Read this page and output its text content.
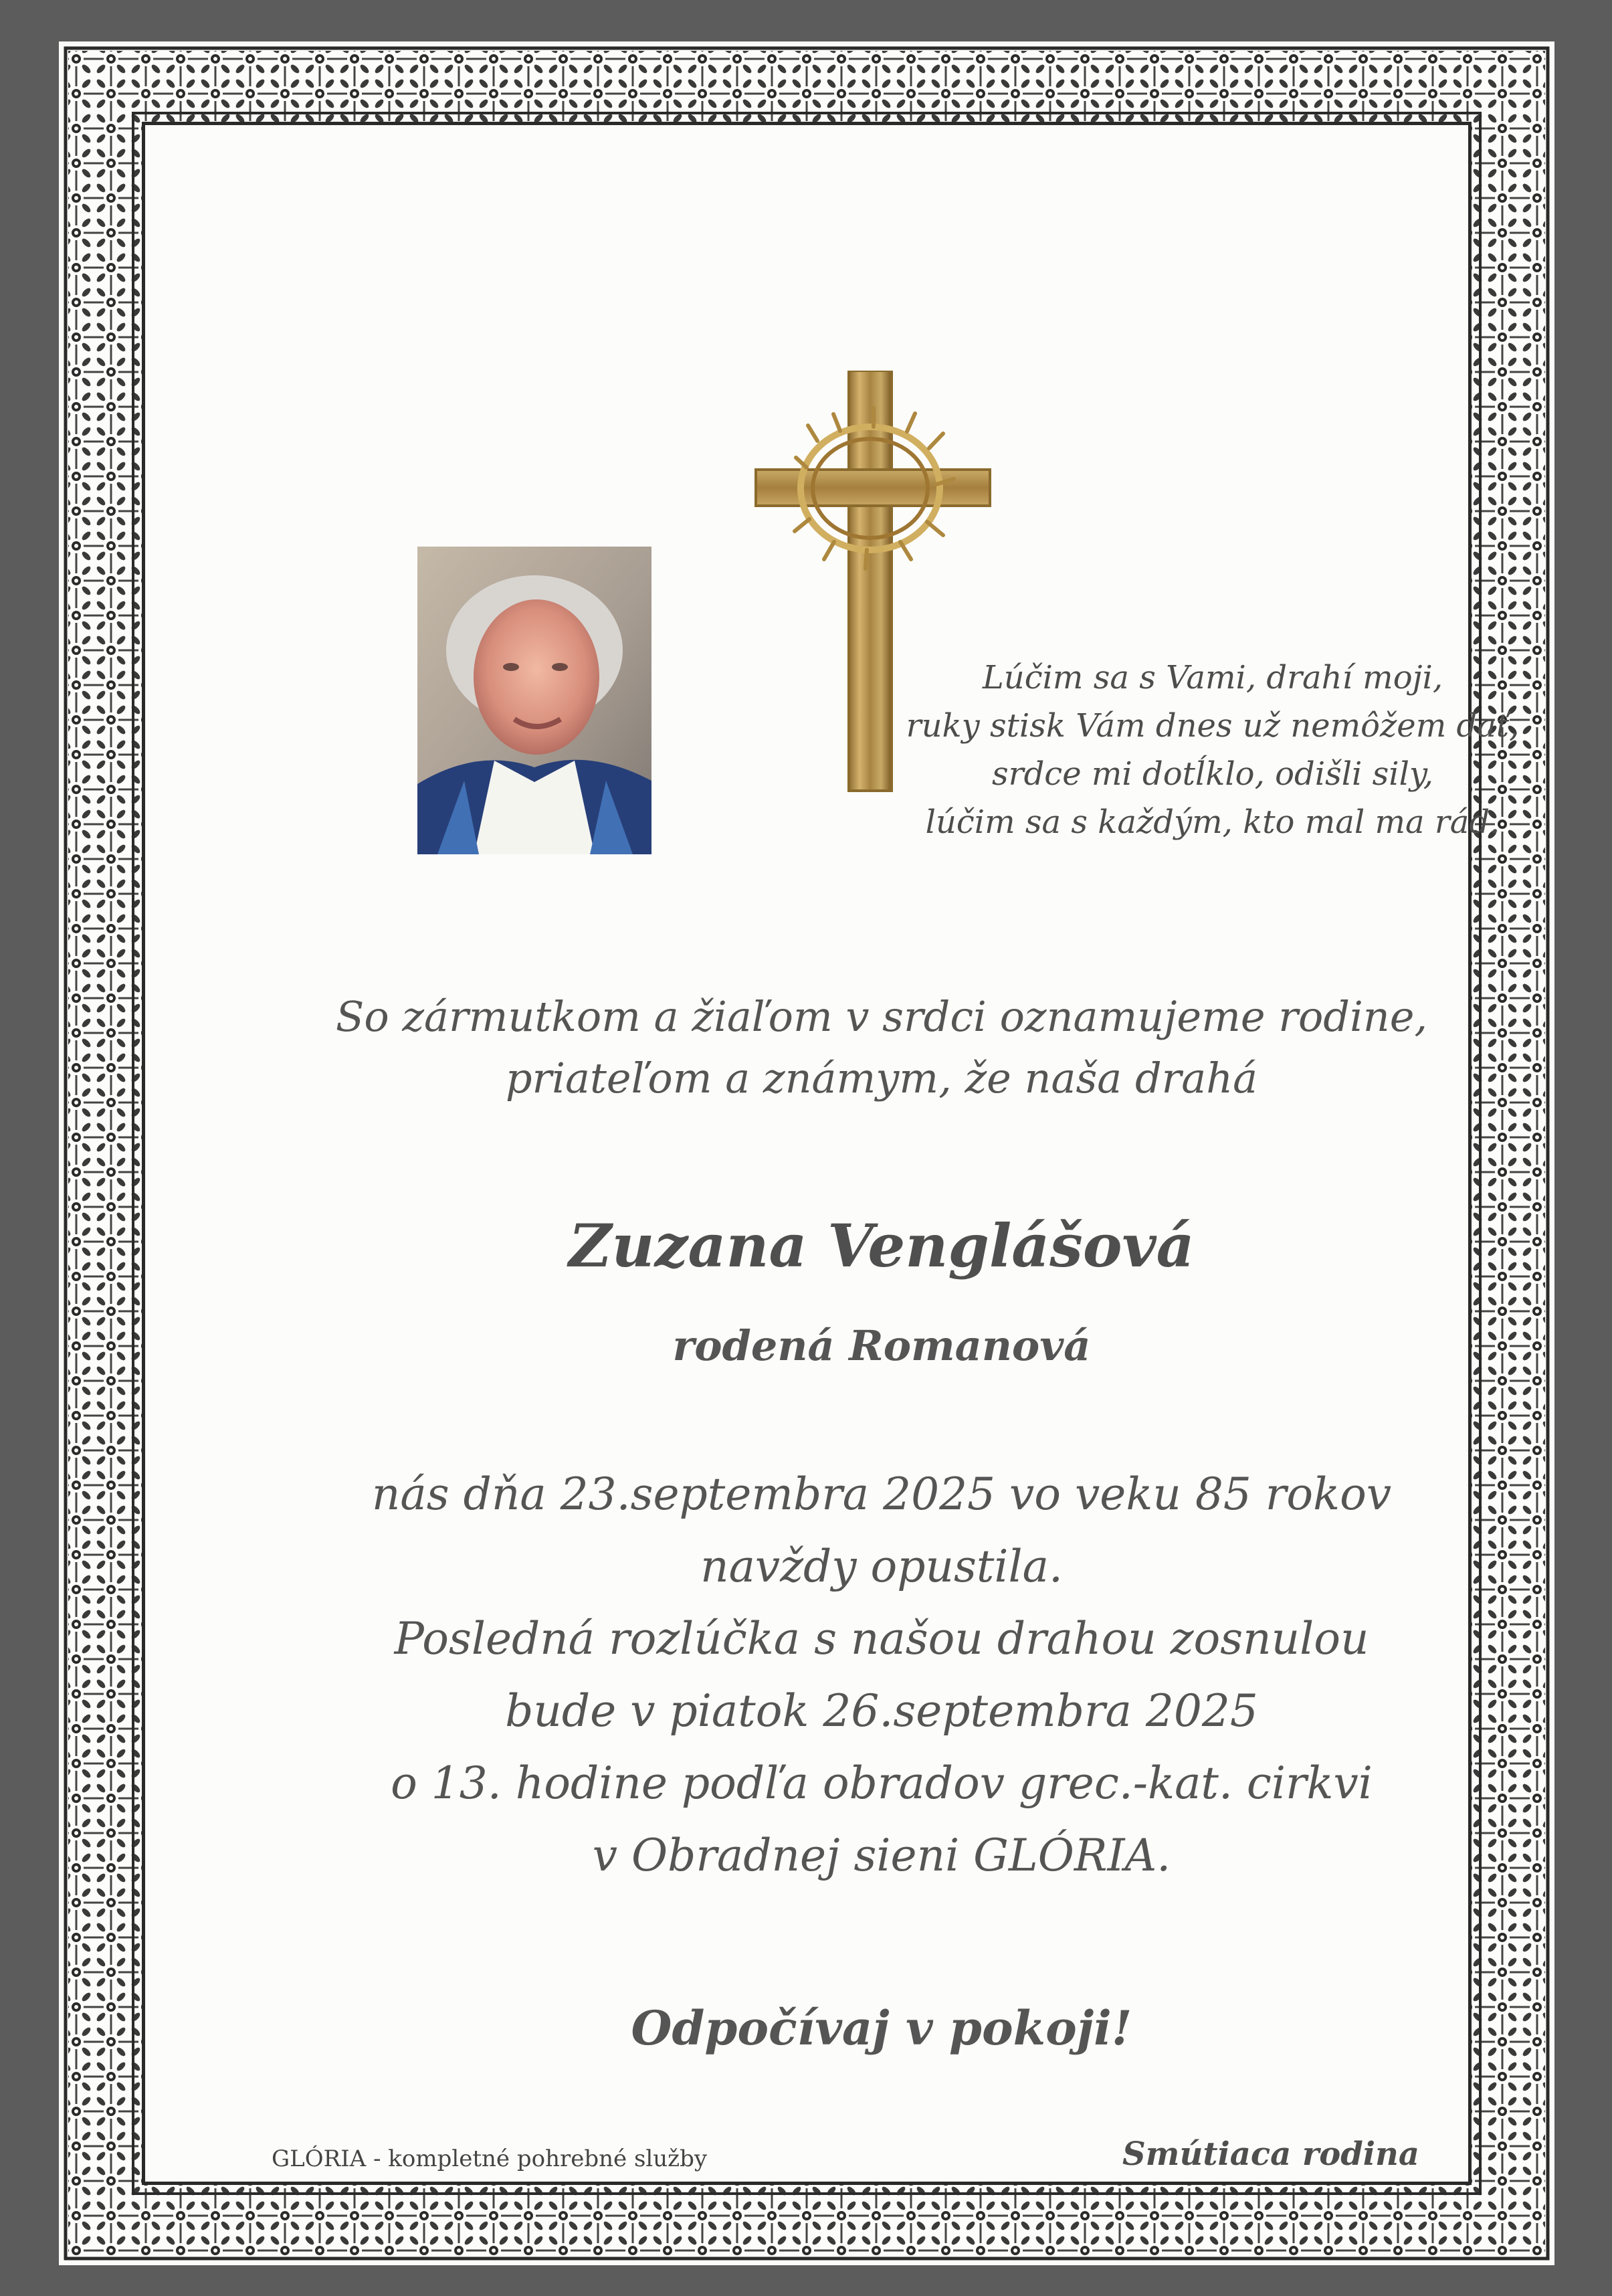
Lúčim sa s Vami, drahí moji,
ruky stisk Vám dnes už nemôžem dať,
srdce mi dotĺklo, odišli sily,
lúčim sa s každým, kto mal ma rád.
So zármutkom a žiaľom v srdci oznamujeme rodine,
priateľom a známym, že naša drahá
Zuzana Venglášová
rodená Romanová
nás dňa 23.septembra 2025 vo veku 85 rokov
navždy opustila.
Posledná rozlúčka s našou drahou zosnulou
bude v piatok 26.septembra 2025
o 13. hodine podľa obradov grec.-kat. cirkvi
v Obradnej sieni GLÓRIA.
Odpočívaj v pokoji!
GLÓRIA - kompletné pohrebné služby	Smútiaca rodina
